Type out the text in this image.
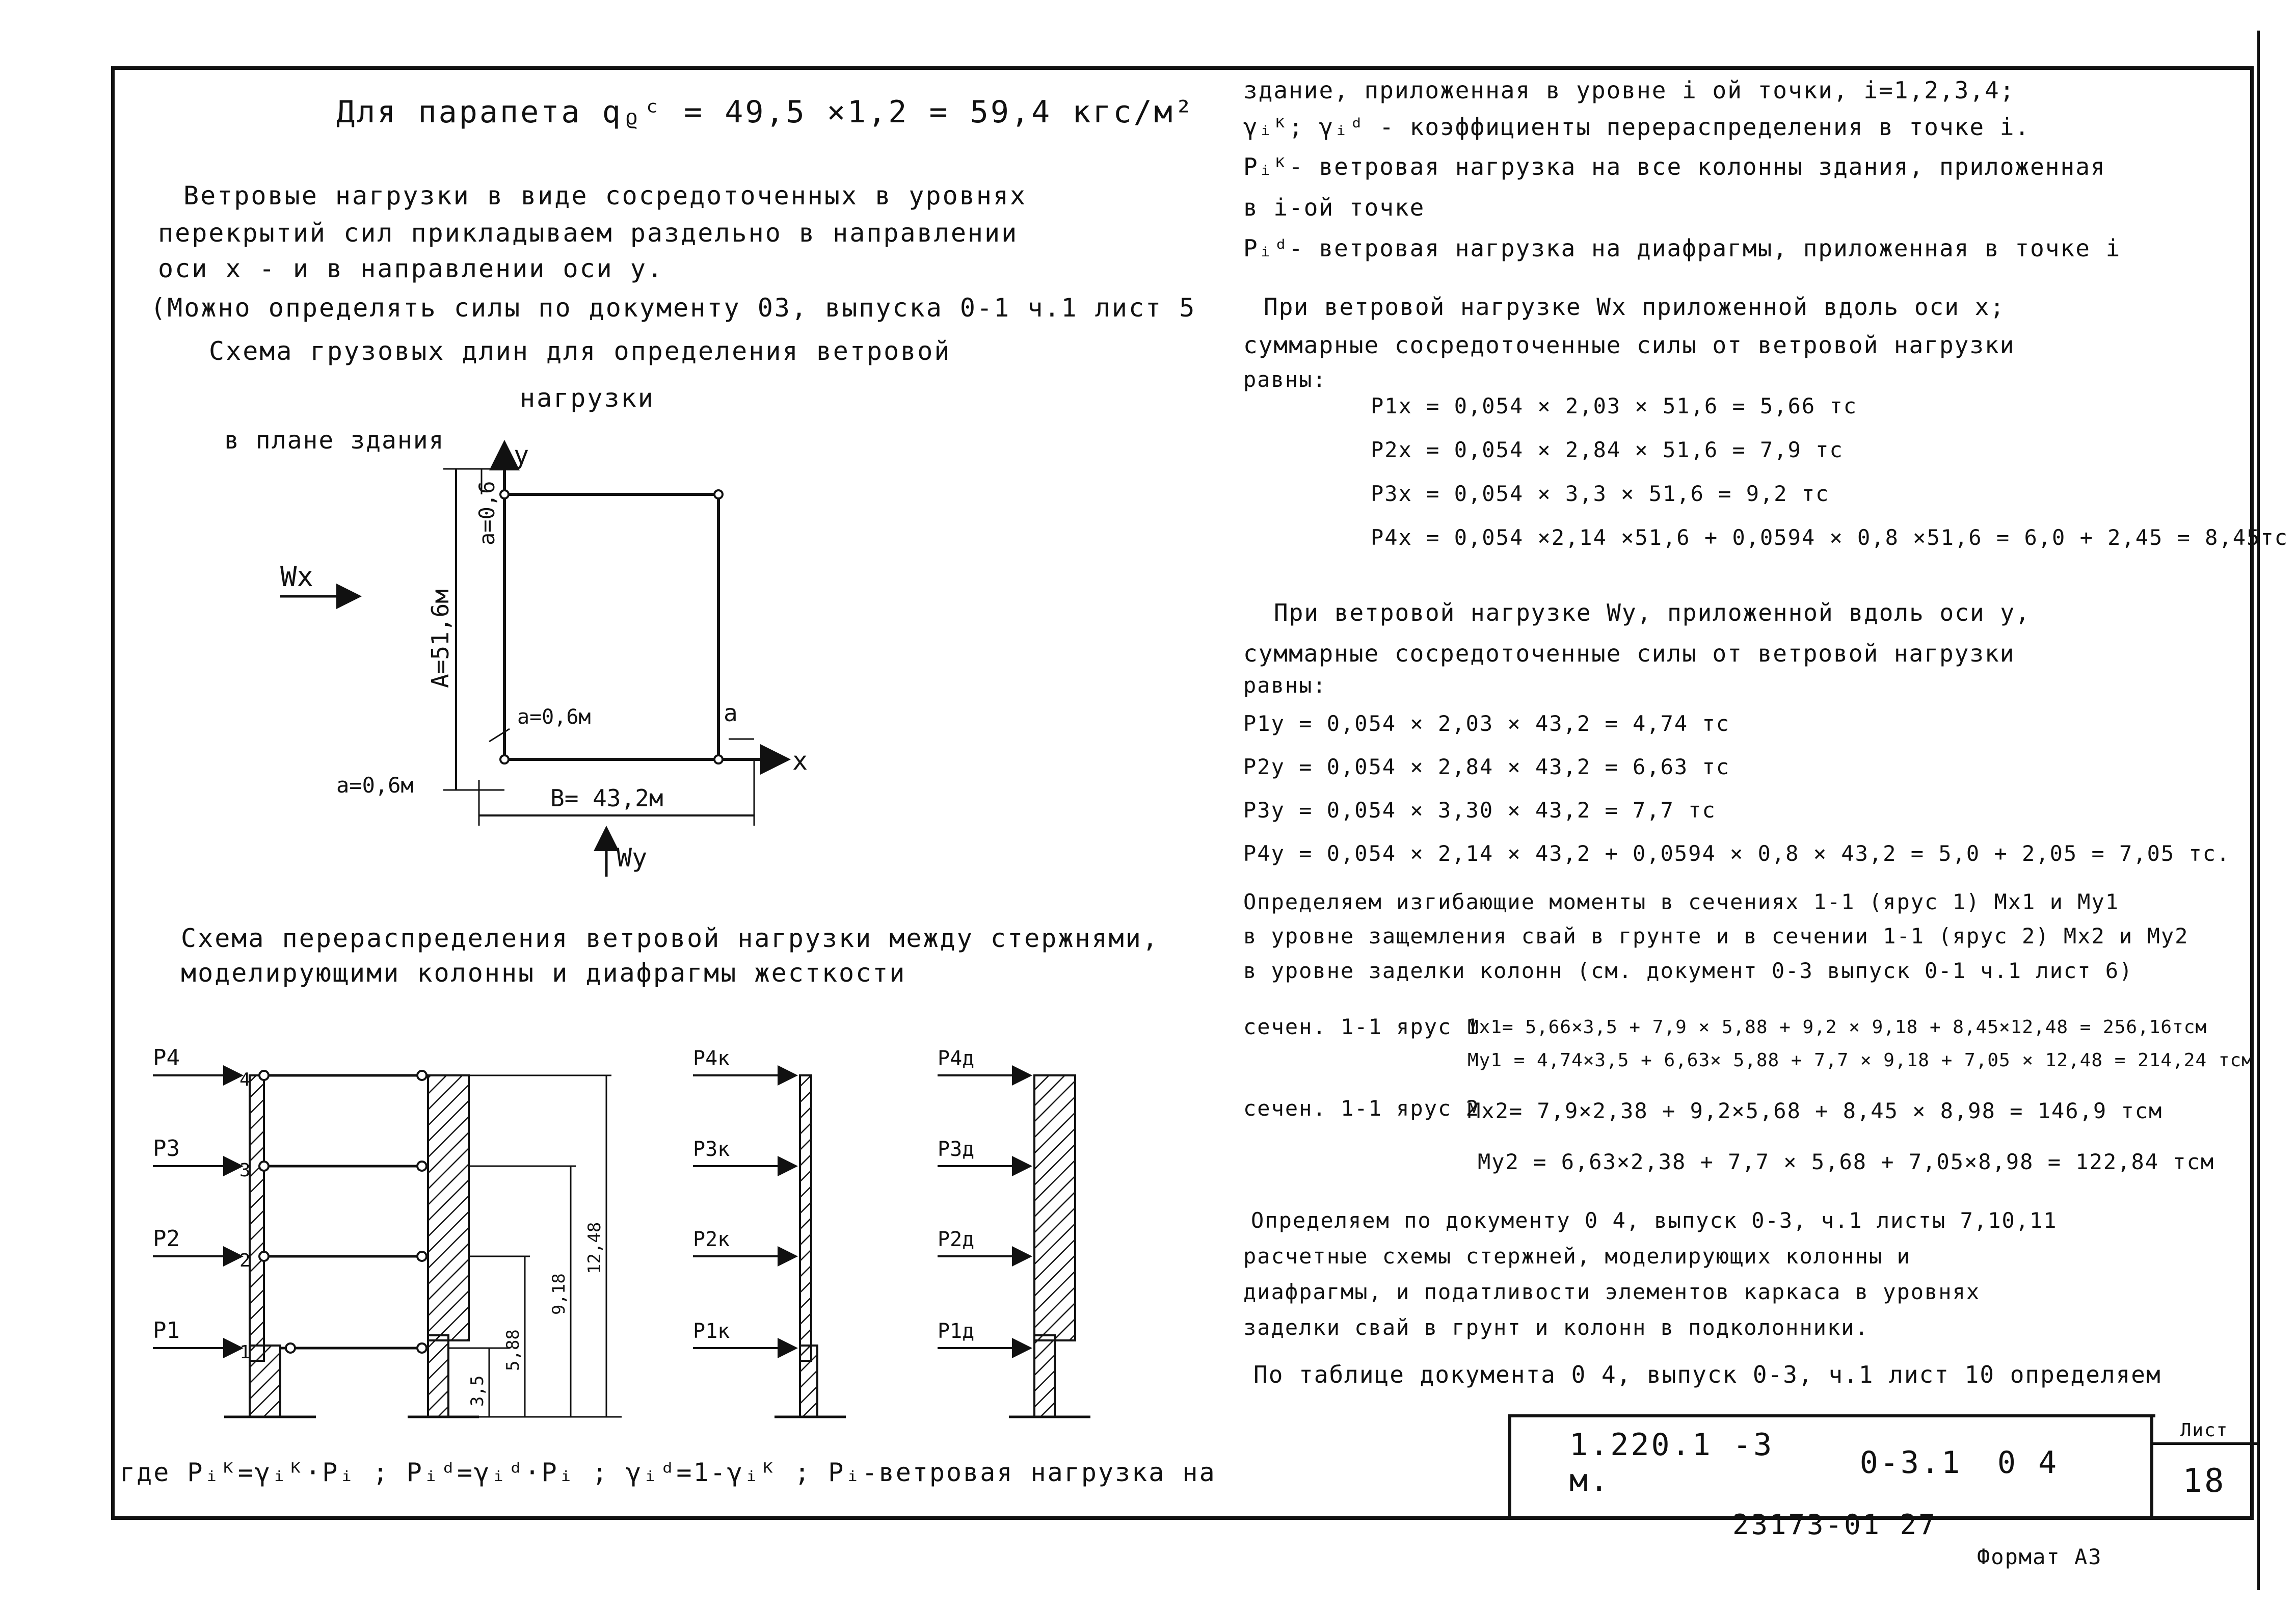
Для парапета qᵨᶜ = 49,5 ×1,2 = 59,4 кгс/м²
Ветровые нагрузки в виде сосредоточенных в уровнях
перекрытий сил прикладываем раздельно в направлении
оси x - и в направлении оси y.
(Можно определять силы по документу 03, выпуска 0-1 ч.1 лист 5
Схема грузовых длин для определения ветровой
нагрузки
в плане здания	y
x
a=0,6
A=51,6м
Wx
a=0,6м	a
a=0,6м	B= 43,2м
Wy
Схема перераспределения ветровой нагрузки между стержнями,
моделирующими колонны и диафрагмы жесткости
P4
4
P3
3
P2
2
P1
1
3,5
5,88
9,18
12,48
P4к
P3к
P2к
P1к
P4д
P3д
P2д
P1д
где Pᵢᴷ=γᵢᴷ·Pᵢ ; Pᵢᵈ=γᵢᵈ·Pᵢ ; γᵢᵈ=1-γᵢᴷ ; Pᵢ-ветровая нагрузка на
здание, приложенная в уровне i ой точки, i=1,2,3,4;
γᵢᴷ; γᵢᵈ - коэффициенты перераспределения в точке i.
Pᵢᴷ- ветровая нагрузка на все колонны здания, приложенная
в i-ой точке
Pᵢᵈ- ветровая нагрузка на диафрагмы, приложенная в точке i
При ветровой нагрузке Wx приложенной вдоль оси x;
суммарные сосредоточенные силы от ветровой нагрузки
равны:
P1x = 0,054 × 2,03 × 51,6 = 5,66 тс
P2x = 0,054 × 2,84 × 51,6 = 7,9 тс
P3x = 0,054 × 3,3 × 51,6 = 9,2 тс
P4x = 0,054 ×2,14 ×51,6 + 0,0594 × 0,8 ×51,6 = 6,0 + 2,45 = 8,45тс
При ветровой нагрузке Wy, приложенной вдоль оси y,
суммарные сосредоточенные силы от ветровой нагрузки
равны:
P1y = 0,054 × 2,03 × 43,2 = 4,74 тс
P2y = 0,054 × 2,84 × 43,2 = 6,63 тс
P3y = 0,054 × 3,30 × 43,2 = 7,7 тс
P4y = 0,054 × 2,14 × 43,2 + 0,0594 × 0,8 × 43,2 = 5,0 + 2,05 = 7,05 тс.
Определяем изгибающие моменты в сечениях 1-1 (ярус 1) Mx1 и My1
в уровне защемления свай в грунте и в сечении 1-1 (ярус 2) Mx2 и My2
в уровне заделки колонн (см. документ 0-3 выпуск 0-1 ч.1 лист 6)
сечен. 1-1 ярус 1
Mx1= 5,66×3,5 + 7,9 × 5,88 + 9,2 × 9,18 + 8,45×12,48 = 256,16тсм
My1 = 4,74×3,5 + 6,63× 5,88 + 7,7 × 9,18 + 7,05 × 12,48 = 214,24 тсм
сечен. 1-1 ярус 2
Mx2= 7,9×2,38 + 9,2×5,68 + 8,45 × 8,98 = 146,9 тсм
My2 = 6,63×2,38 + 7,7 × 5,68 + 7,05×8,98 = 122,84 тсм
Определяем по документу 0 4, выпуск 0-3, ч.1 листы 7,10,11
расчетные схемы стержней, моделирующих колонны и
диафрагмы, и податливости элементов каркаса в уровнях
заделки свай в грунт и колонн в подколонники.
По таблице документа 0 4, выпуск 0-3, ч.1 лист 10 определяем
1.220.1 -3 м.	0-3.1	0 4
Лист
18
23173-01 27
Формат А3
